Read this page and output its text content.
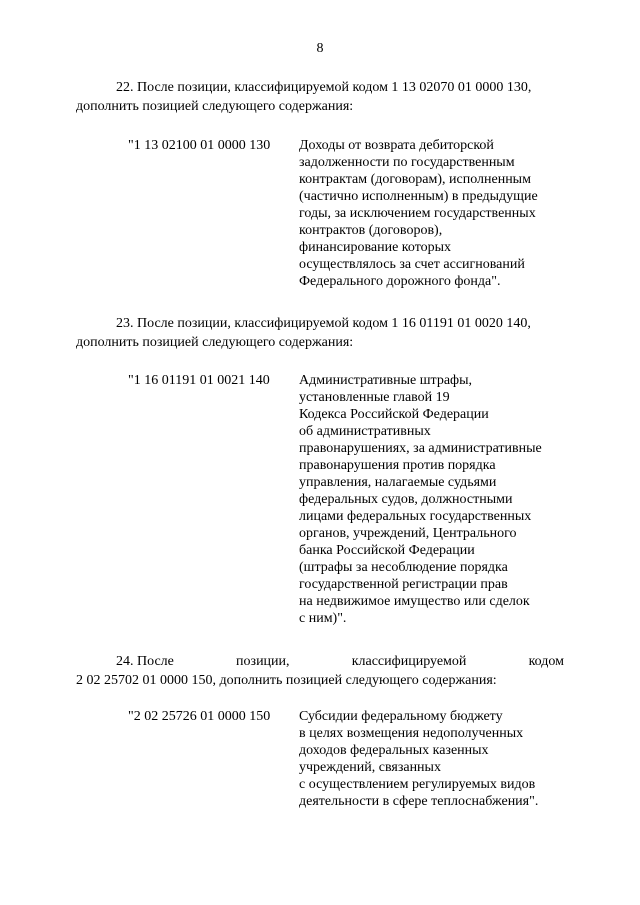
8
22. После позиции, классифицируемой кодом 1 13 02070 01 0000 130,
дополнить позицией следующего содержания:
"1 13 02100 01 0000 130 Доходы от возврата дебиторской
задолженности по государственным
контрактам (договорам), исполненным
(частично исполненным) в предыдущие
годы, за исключением государственных
контрактов (договоров),
финансирование которых
осуществлялось за счет ассигнований
Федерального дорожного фонда".
23. После позиции, классифицируемой кодом 1 16 01191 01 0020 140,
дополнить позицией следующего содержания:
"1 16 01191 01 0021 140 Административные штрафы,
установленные главой 19
Кодекса Российской Федерации
об административных
правонарушениях, за административные
правонарушения против порядка
управления, налагаемые судьями
федеральных судов, должностными
лицами федеральных государственных
органов, учреждений, Центрального
банка Российской Федерации
(штрафы за несоблюдение порядка
государственной регистрации прав
на недвижимое имущество или сделок
с ним)".
24. После	позиции,	классифицируемой	кодом
2 02 25702 01 0000 150, дополнить позицией следующего содержания:
"2 02 25726 01 0000 150 Субсидии федеральному бюджету
в целях возмещения недополученных
доходов федеральных казенных
учреждений, связанных
с осуществлением регулируемых видов
деятельности в сфере теплоснабжения".
